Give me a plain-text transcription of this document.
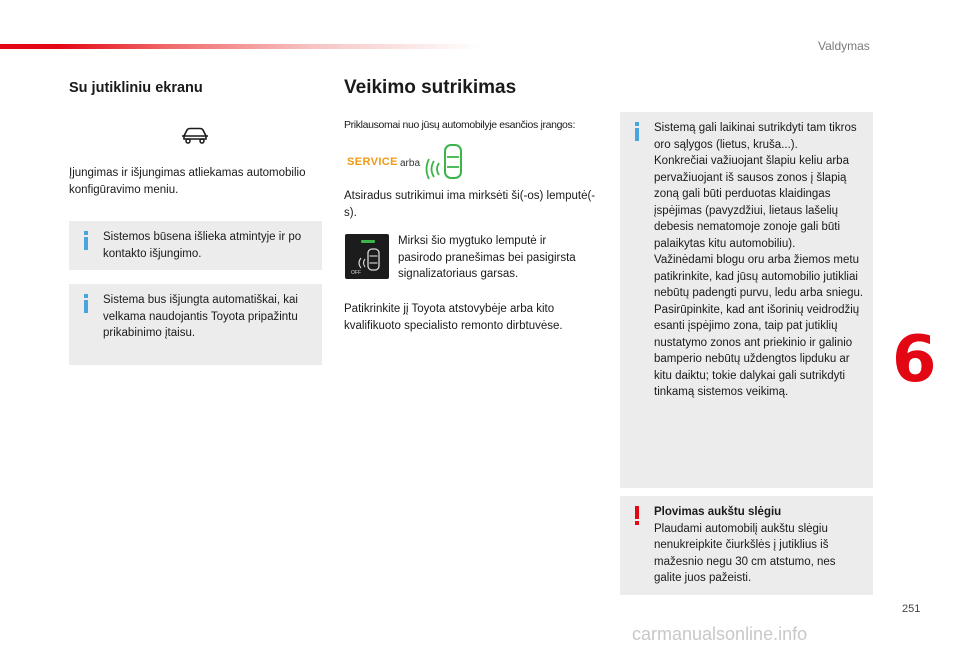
Valdymas
Su jutikliniu ekranu

Įjungimas ir išjungimas atliekamas automobilio konfigūravimo meniu.

Sistemos būsena išlieka atmintyje ir po kontakto išjungimo.
Sistema bus išjungta automatiškai, kai velkama naudojantis Toyota pripažintu prikabinimo įtaisu.
Veikimo sutrikimas
Priklausomai nuo jūsų automobilyje esančios įrangos:
SERVICE arba

Atsiradus sutrikimui ima mirksėti ši(-os) lemputė(-s).

OFF

Mirksi šio mygtuko lemputė ir pasirodo pranešimas bei pasigirsta signalizatoriaus garsas.

Patikrinkite jį Toyota atstovybėje arba kito kvalifikuoto specialisto remonto dirbtuvėse.

Sistemą gali laikinai sutrikdyti tam tikros oro sąlygos (lietus, kruša...).
Konkrečiai važiuojant šlapiu keliu arba pervažiuojant iš sausos zonos į šlapią zoną gali būti perduotas klaidingas įspėjimas (pavyzdžiui, lietaus lašelių debesis nematomoje zonoje gali būti palaikytas kitu automobiliu).
Važinėdami blogu oru arba žiemos metu patikrinkite, kad jūsų automobilio jutikliai nebūtų padengti purvu, ledu arba sniegu.
Pasirūpinkite, kad ant išorinių veidrodžių esanti įspėjimo zona, taip pat jutiklių nustatymo zonos ant priekinio ir galinio bamperio nebūtų uždengtos lipduku ar kitu daiktu; tokie dalykai gali sutrikdyti tinkamą sistemos veikimą.
Plovimas aukštu slėgiu
Plaudami automobilį aukštu slėgiu nenukreipkite čiurkšlės į jutiklius iš mažesnio negu 30 cm atstumo, nes galite juos pažeisti.
6
251
carmanualsonline.info
